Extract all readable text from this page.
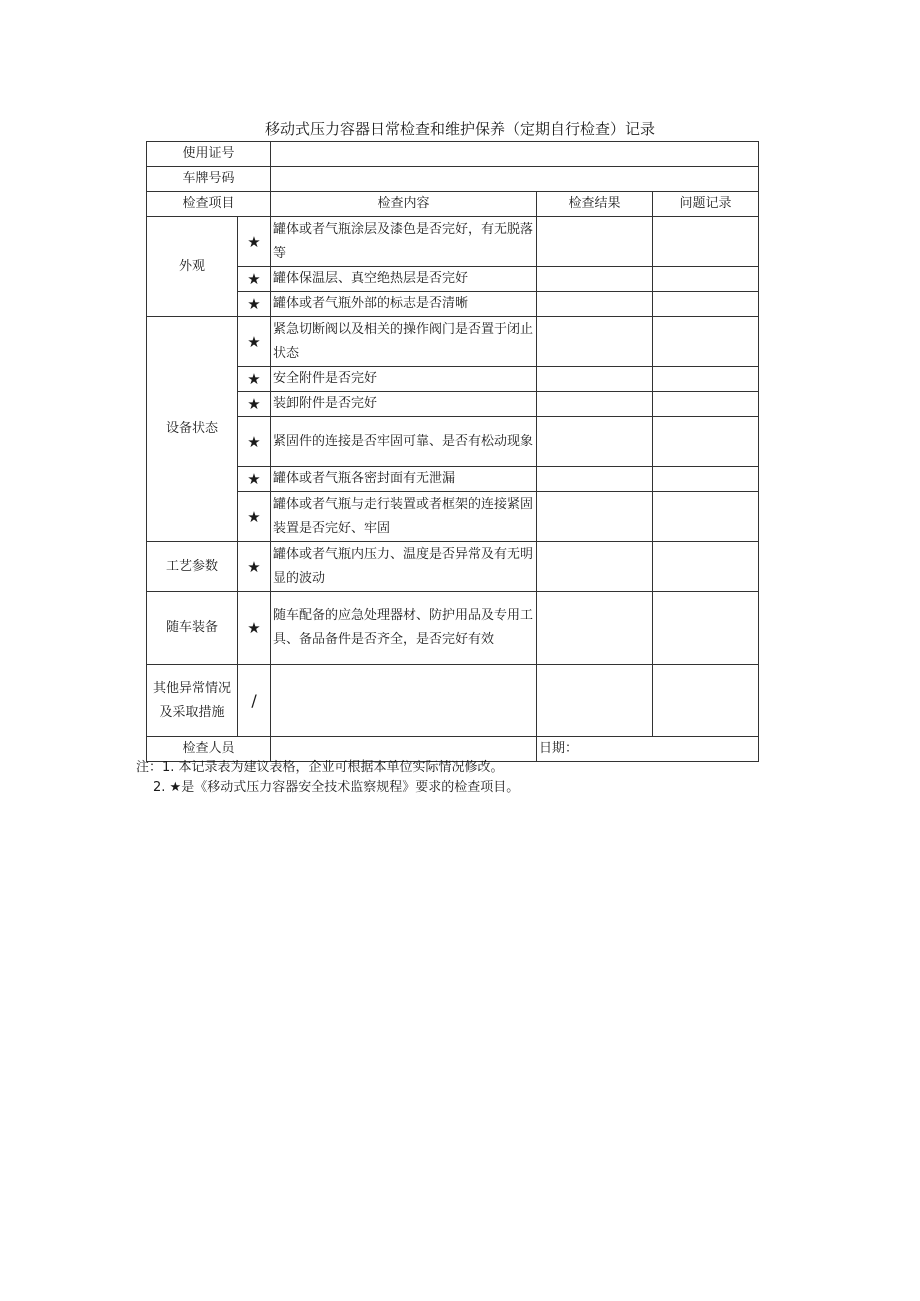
移动式压力容器日常检查和维护保养（定期自行检查）记录
使用证号				
车牌号码				
检查项目		检查内容	检查结果	问题记录
外观	★	罐体或者气瓶涂层及漆色是否完好，有无脱落等		
	★	罐体保温层、真空绝热层是否完好		
	★	罐体或者气瓶外部的标志是否清晰		
设备状态	★	紧急切断阀以及相关的操作阀门是否置于闭止状态		
	★	安全附件是否完好		
	★	装卸附件是否完好		
	★	紧固件的连接是否牢固可靠、是否有松动现象		
	★	罐体或者气瓶各密封面有无泄漏		
	★	罐体或者气瓶与走行装置或者框架的连接紧固装置是否完好、牢固		
工艺参数	★	罐体或者气瓶内压力、温度是否异常及有无明显的波动		
随车装备	★	随车配备的应急处理器材、防护用品及专用工具、备品备件是否齐全，是否完好有效		
其他异常情况及采取措施	/			
检查人员			日期：	
注：1. 本记录表为建议表格，企业可根据本单位实际情况修改。
2. ★是《移动式压力容器安全技术监察规程》要求的检查项目。
